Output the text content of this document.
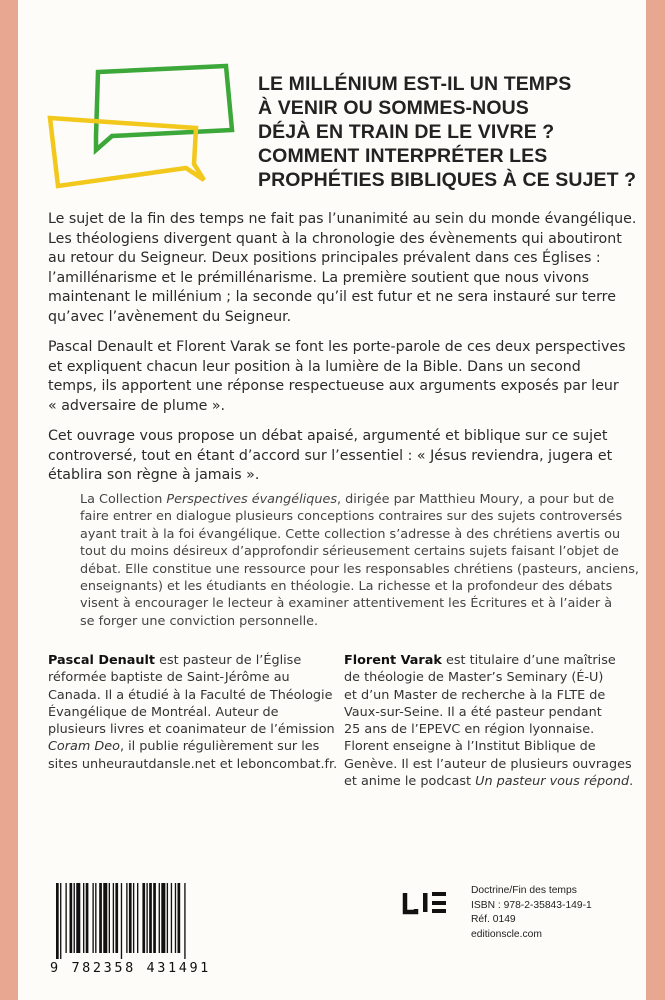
LE MILLÉNIUM EST-IL UN TEMPS
À VENIR OU SOMMES-NOUS
DÉJÀ EN TRAIN DE LE VIVRE ?
COMMENT INTERPRÉTER LES
PROPHÉTIES BIBLIQUES À CE SUJET ?

Le sujet de la fin des temps ne fait pas l’unanimité au sein du monde évangélique.
Les théologiens divergent quant à la chronologie des évènements qui aboutiront
au retour du Seigneur. Deux positions principales prévalent dans ces Églises :
l’amillénarisme et le prémillénarisme. La première soutient que nous vivons
maintenant le millénium ; la seconde qu’il est futur et ne sera instauré sur terre
qu’avec l’avènement du Seigneur.

Pascal Denault et Florent Varak se font les porte-parole de ces deux perspectives
et expliquent chacun leur position à la lumière de la Bible. Dans un second
temps, ils apportent une réponse respectueuse aux arguments exposés par leur
« adversaire de plume ».

Cet ouvrage vous propose un débat apaisé, argumenté et biblique sur ce sujet
controversé, tout en étant d’accord sur l’essentiel : « Jésus reviendra, jugera et
établira son règne à jamais ».

La Collection Perspectives évangéliques, dirigée par Matthieu Moury, a pour but de
faire entrer en dialogue plusieurs conceptions contraires sur des sujets controversés
ayant trait à la foi évangélique. Cette collection s’adresse à des chrétiens avertis ou
tout du moins désireux d’approfondir sérieusement certains sujets faisant l’objet de
débat. Elle constitue une ressource pour les responsables chrétiens (pasteurs, anciens,
enseignants) et les étudiants en théologie. La richesse et la profondeur des débats
visent à encourager le lecteur à examiner attentivement les Écritures et à l’aider à
se forger une conviction personnelle.
Pascal Denault est pasteur de l’Église
réformée baptiste de Saint-Jérôme au
Canada. Il a étudié à la Faculté de Théologie
Évangélique de Montréal. Auteur de
plusieurs livres et coanimateur de l’émission
Coram Deo, il publie régulièrement sur les
sites unheurautdansle.net et leboncombat.fr.
Florent Varak est titulaire d’une maîtrise
de théologie de Master’s Seminary (É-U)
et d’un Master de recherche à la FLTE de
Vaux-sur-Seine. Il a été pasteur pendant
25 ans de l’EPEVC en région lyonnaise.
Florent enseigne à l’Institut Biblique de
Genève. Il est l’auteur de plusieurs ouvrages
et anime le podcast Un pasteur vous répond.
9 782358 431491
Doctrine/Fin des temps
ISBN : 978-2-35843-149-1
Réf. 0149
editionscle.com
